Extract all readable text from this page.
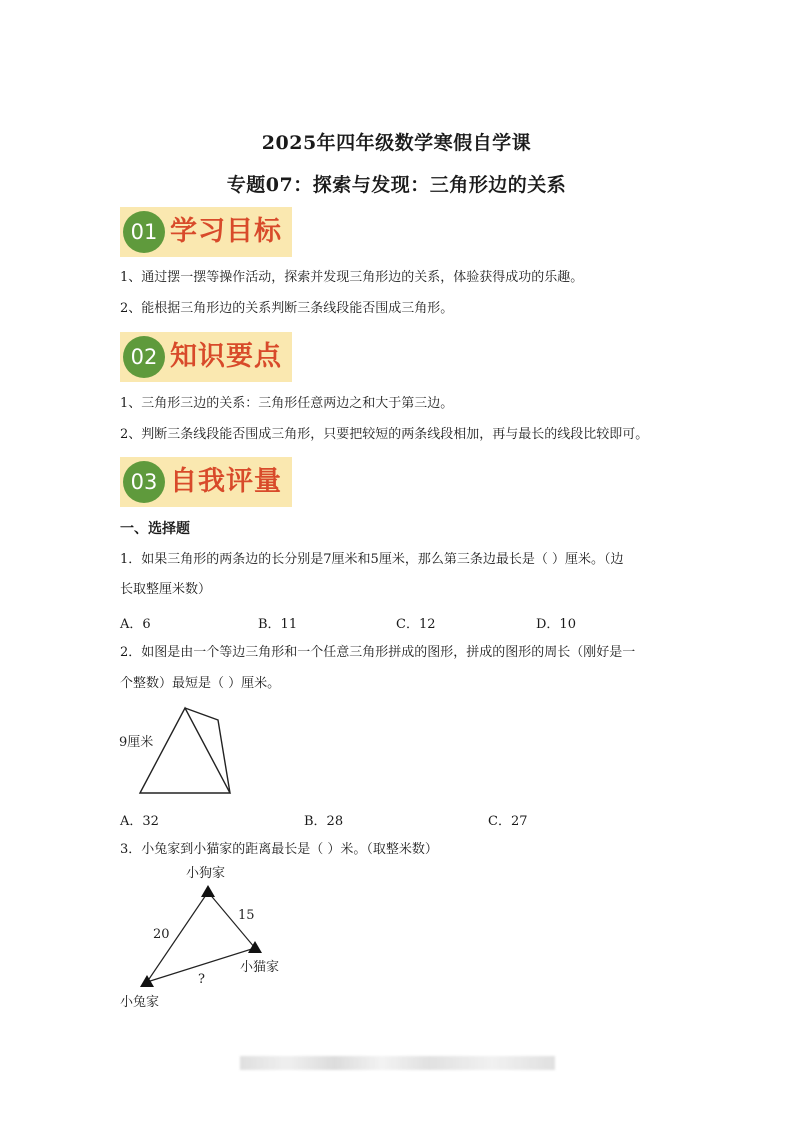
2025年四年级数学寒假自学课
专题07：探索与发现：三角形边的关系
01 学习目标
1、通过摆一摆等操作活动，探索并发现三角形边的关系，体验获得成功的乐趣。
2、能根据三角形边的关系判断三条线段能否围成三角形。
02 知识要点
1、三角形三边的关系：三角形任意两边之和大于第三边。
2、判断三条线段能否围成三角形，只要把较短的两条线段相加，再与最长的线段比较即可。
03 自我评量
一、选择题
1．如果三角形的两条边的长分别是7厘米和5厘米，那么第三条边最长是（ ）厘米。（边
长取整厘米数）
A．6	B．11	C．12	D．10
2．如图是由一个等边三角形和一个任意三角形拼成的图形，拼成的图形的周长（刚好是一
个整数）最短是（ ）厘米。
9厘米
A．32	B．28	C．27
3．小兔家到小猫家的距离最长是（ ）米。（取整米数）
小狗家
小猫家
小兔家
20
15
?
